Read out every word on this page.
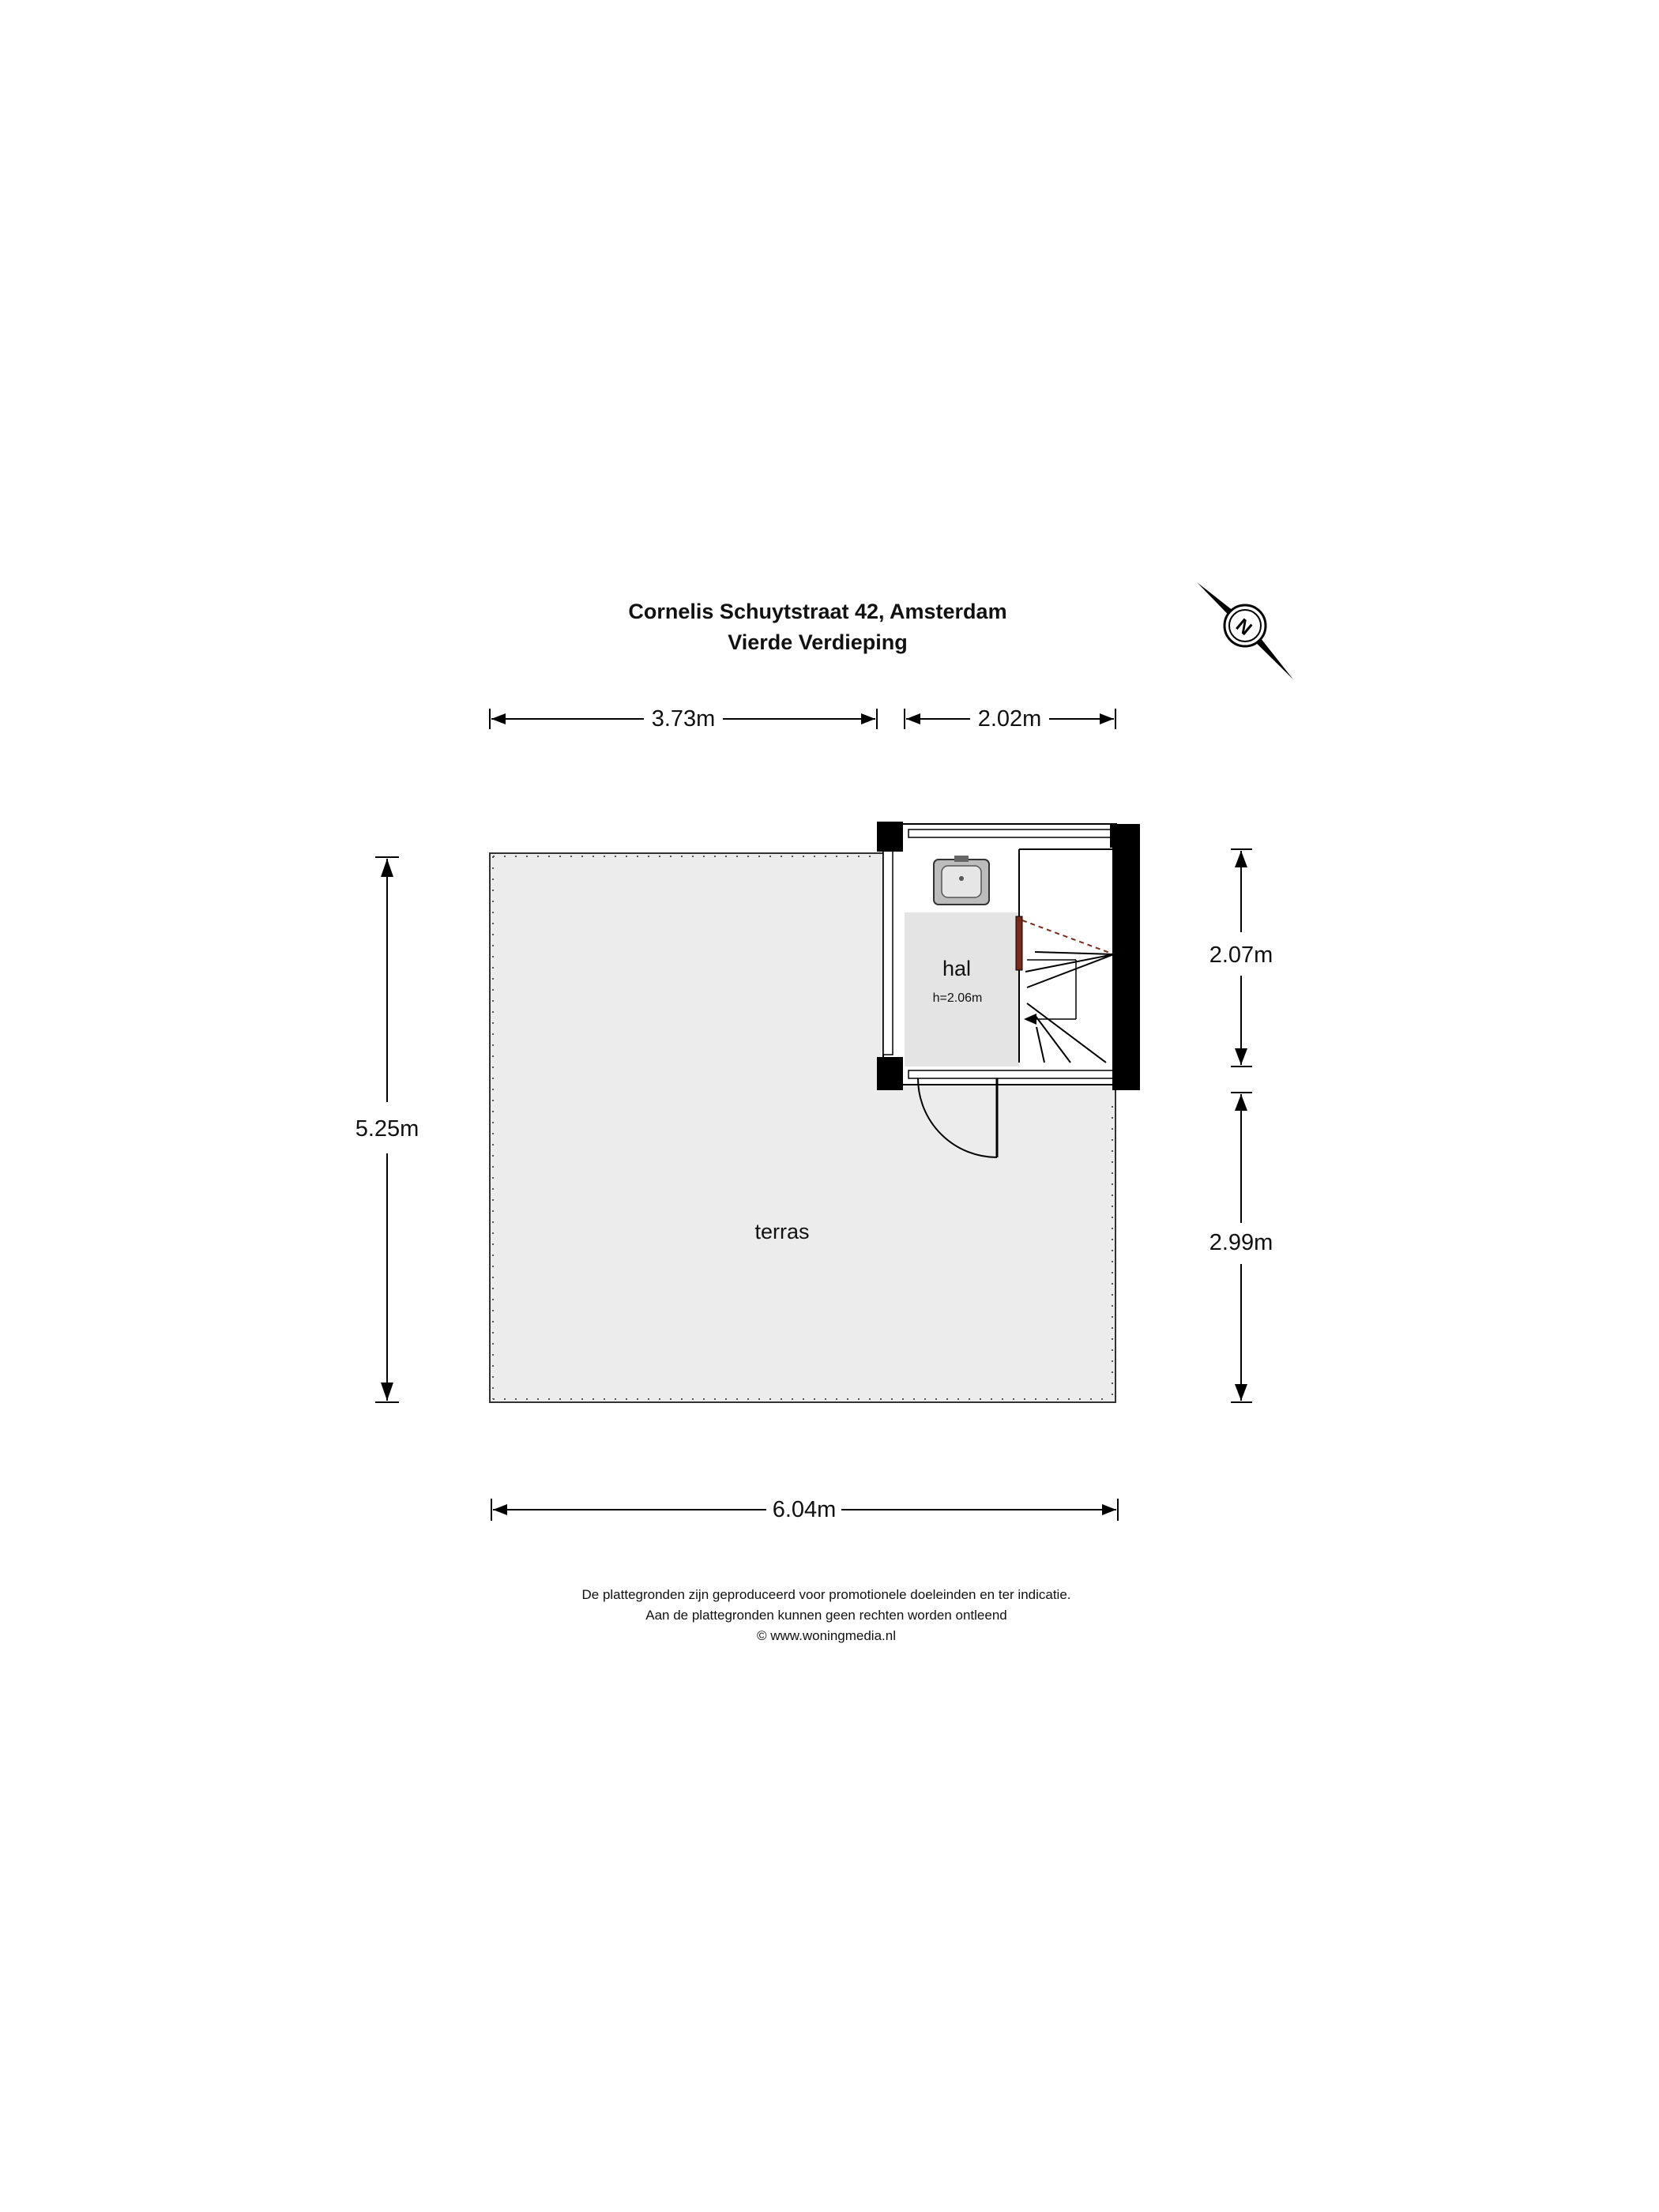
Cornelis Schuytstraat 42, Amsterdam
Vierde Verdieping
N
3.73m	2.02m
5.25m
2.07m
2.99m
6.04m
terras
hal
h=2.06m
De plattegronden zijn geproduceerd voor promotionele doeleinden en ter indicatie.
Aan de plattegronden kunnen geen rechten worden ontleend
© www.woningmedia.nl
